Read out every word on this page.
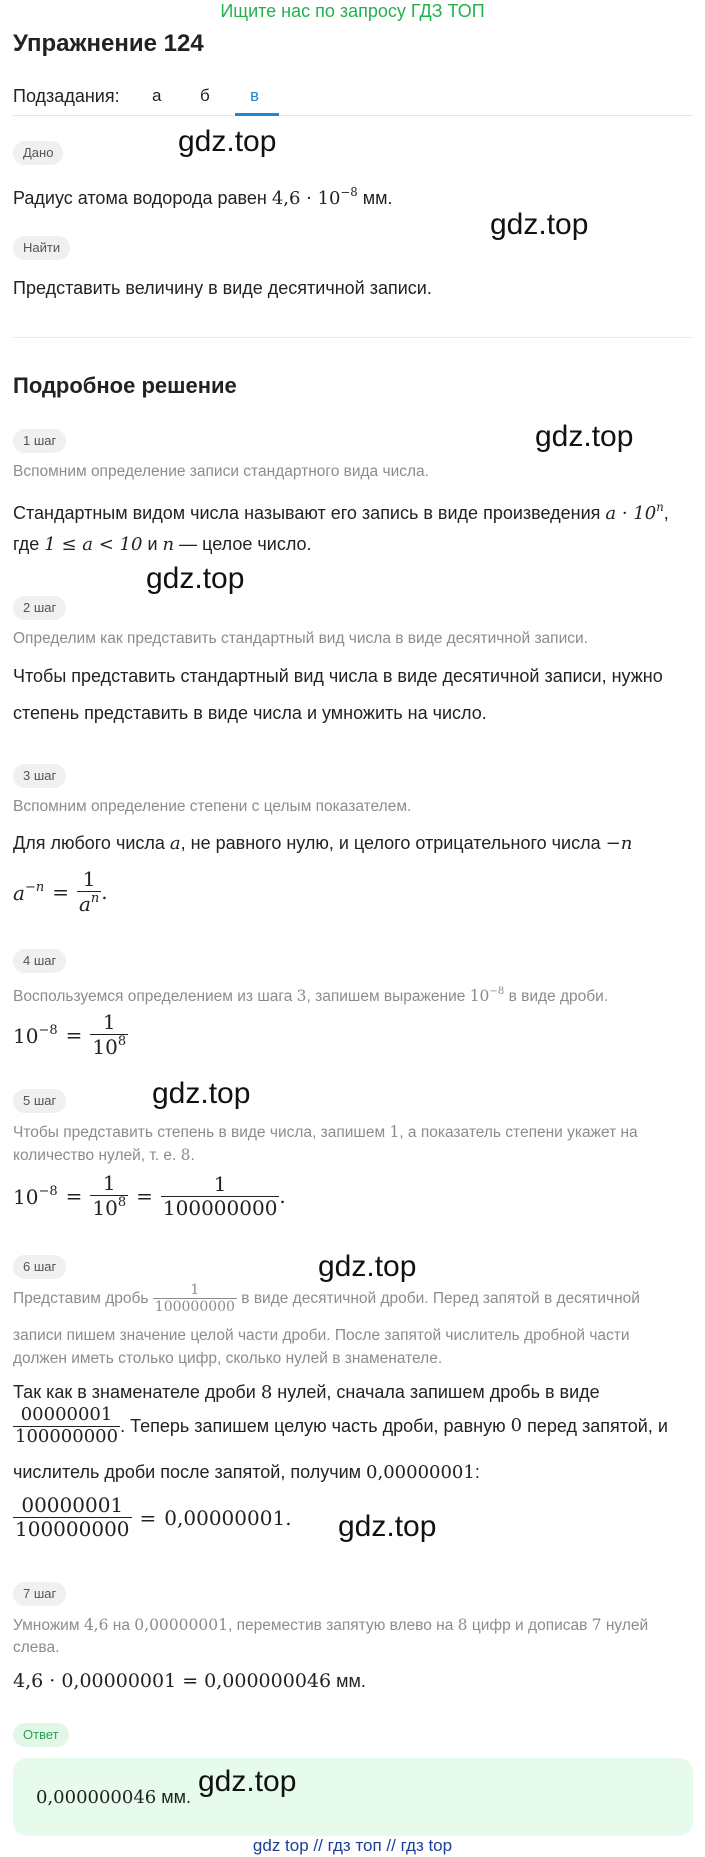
Ищите нас по запросу ГДЗ ТОП
Упражнение 124
Подзадания: а б в
Дано
Радиус атома водорода равен $4,6 \cdot 10^{-8}$ мм.
Найти
Представить величину в виде десятичной записи.
Подробное решение
1 шаг
Вспомним определение записи стандартного вида числа.
Стандартным видом числа называют его запись в виде произведения $a \cdot 10^n$,
где 1 ≤ a < 10 и n — целое число.
2 шаг
Определим как представить стандартный вид числа в виде десятичной записи.
Чтобы представить стандартный вид числа в виде десятичной записи, нужно
степень представить в виде числа и умножить на число.
3 шаг
Вспомним определение степени с целым показателем.
Для любого числа a, не равного нулю, и целого отрицательного числа −n
$a^{-n} = \frac{1}{a^n}$ .
4 шаг
Воспользуемся определением из шага 3, запишем выражение $10^{-8}$ в виде дроби.
$10^{-8} = \frac{1}{10^8}$
5 шаг
Чтобы представить степень в виде числа, запишем 1, а показатель степени укажет на
количество нулей, т. е. 8.
$10^{-8} = \frac{1}{10^8} = \frac{1}{100000000}$ .
6 шаг
Представим дробь
$\frac{1}{100000000}$
в виде десятичной дроби. Перед запятой в десятичной
записи пишем значение целой части дроби. После запятой числитель дробной части
должен иметь столько цифр, сколько нулей в знаменателе.
Так как в знаменателе дроби 8 нулей, сначала запишем дробь в виде
$\frac{00000001}{100000000}$ . Теперь запишем целую часть дроби, равную
0
перед запятой, и
числитель дроби после запятой, получим 0,00000001:
$\frac{00000001}{100000000} = 0,00000001$ .
7 шаг
Умножим 4,6 на 0,00000001, переместив запятую влево на 8 цифр и дописав 7 нулей
слева.
4,6 · 0,00000001 = 0,000000046 мм.
Ответ
0,000000046 мм.
gdz.top
gdz.top
gdz.top
gdz.top
gdz.top
gdz.top
gdz.top
gdz.top
gdz top // гдз топ // гдз top
